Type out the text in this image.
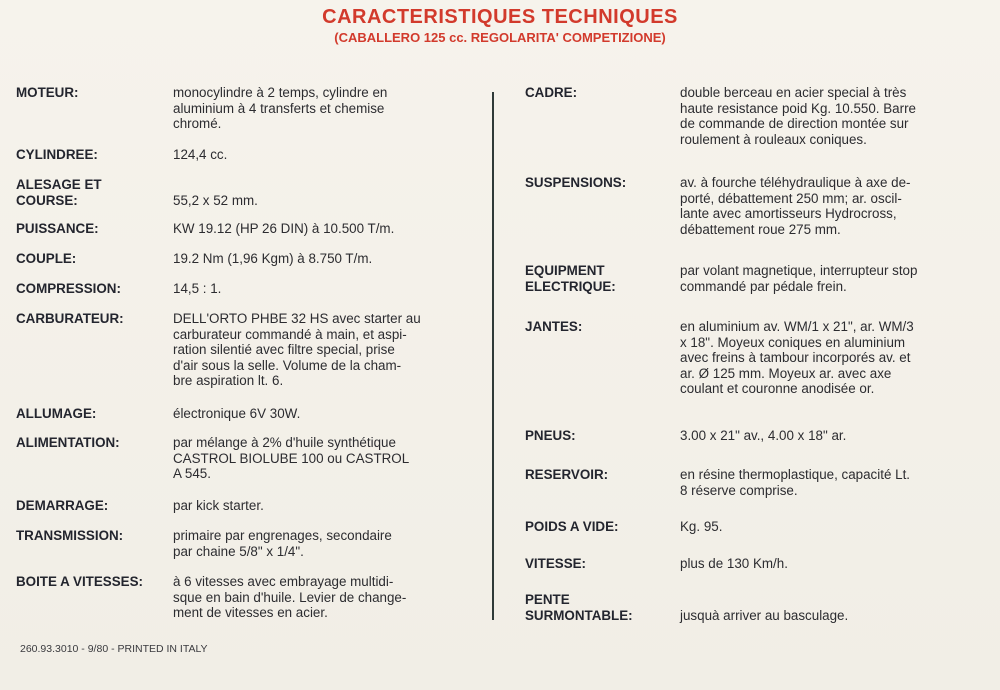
CARACTERISTIQUES TECHNIQUES
(CABALLERO 125 cc. REGOLARITA' COMPETIZIONE)
MOTEUR:	monocylindre à 2 temps, cylindre en
aluminium à 4 transferts et chemise
chromé.
CYLINDREE:	124,4 cc.
ALESAGE ET
COURSE:	
55,2 x 52 mm.
PUISSANCE:	KW 19.12 (HP 26 DIN) à 10.500 T/m.
COUPLE:	19.2 Nm (1,96 Kgm) à 8.750 T/m.
COMPRESSION:	14,5 : 1.
CARBURATEUR:	DELL'ORTO PHBE 32 HS avec starter au
carburateur commandé à main, et aspi-
ration silentié avec filtre special, prise
d'air sous la selle. Volume de la cham-
bre aspiration lt. 6.
ALLUMAGE:	électronique 6V 30W.
ALIMENTATION:	par mélange à 2% d'huile synthétique
CASTROL BIOLUBE 100 ou CASTROL
A 545.
DEMARRAGE:	par kick starter.
TRANSMISSION:	primaire par engrenages, secondaire
par chaine 5/8" x 1/4".
BOITE A VITESSES:	à 6 vitesses avec embrayage multidi-
sque en bain d'huile. Levier de change-
ment de vitesses en acier.
CADRE:	double berceau en acier special à très
haute resistance poid Kg. 10.550. Barre
de commande de direction montée sur
roulement à rouleaux coniques.
SUSPENSIONS:	av. à fourche téléhydraulique à axe de-
porté, débattement 250 mm; ar. oscil-
lante avec amortisseurs Hydrocross,
débattement roue 275 mm.
EQUIPMENT
ELECTRIQUE:
par volant magnetique, interrupteur stop
commandé par pédale frein.
JANTES:	en aluminium av. WM/1 x 21", ar. WM/3
x 18". Moyeux coniques en aluminium
avec freins à tambour incorporés av. et
ar. Ø 125 mm. Moyeux ar. avec axe
coulant et couronne anodisée or.
PNEUS:	3.00 x 21" av., 4.00 x 18" ar.
RESERVOIR:	en résine thermoplastique, capacité Lt.
8 réserve comprise.
POIDS A VIDE:	Kg. 95.
VITESSE:	plus de 130 Km/h.
PENTE
SURMONTABLE:	
jusquà arriver au basculage.
260.93.3010 - 9/80 - PRINTED IN ITALY
